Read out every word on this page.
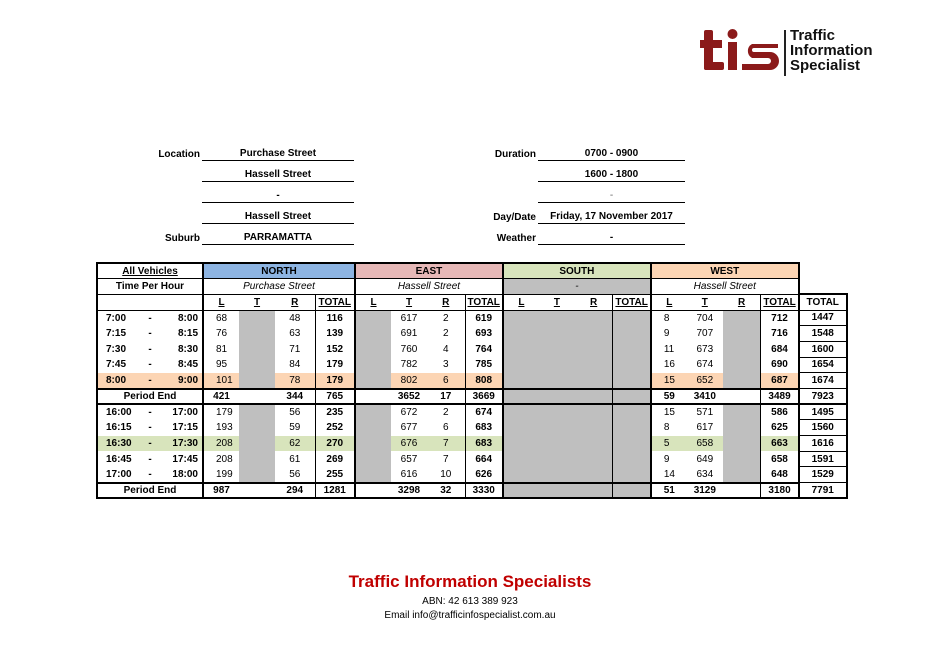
Traffic
Information
Specialist
Location	Purchase Street
Hassell Street
-
Hassell Street
Suburb	PARRAMATTA
Duration	0700 - 0900
1600 - 1800
-
Day/Date	Friday, 17 November 2017
Weather	-
All Vehicles	NORTH				EAST				SOUTH				WEST				
Time Per Hour	Purchase Street				Hassell Street				-				Hassell Street				
	L	T	R	TOTAL	L	T	R	TOTAL	L	T	R	TOTAL	L	T	R	TOTAL	TOTAL
7:00 - 8:00	68		48	116		617	2	619					8	704		712	1447
7:15 - 8:15	76		63	139		691	2	693					9	707		716	1548
7:30 - 8:30	81		71	152		760	4	764					11	673		684	1600
7:45 - 8:45	95		84	179		782	3	785					16	674		690	1654
8:00 - 9:00	101		78	179		802	6	808					15	652		687	1674
Period End	421		344	765		3652	17	3669					59	3410		3489	7923
16:00 - 17:00	179		56	235		672	2	674					15	571		586	1495
16:15 - 17:15	193		59	252		677	6	683					8	617		625	1560
16:30 - 17:30	208		62	270		676	7	683					5	658		663	1616
16:45 - 17:45	208		61	269		657	7	664					9	649		658	1591
17:00 - 18:00	199		56	255		616	10	626					14	634		648	1529
Period End	987		294	1281		3298	32	3330					51	3129		3180	7791
Traffic Information Specialists
ABN: 42 613 389 923
Email info@trafficinfospecialist.com.au
